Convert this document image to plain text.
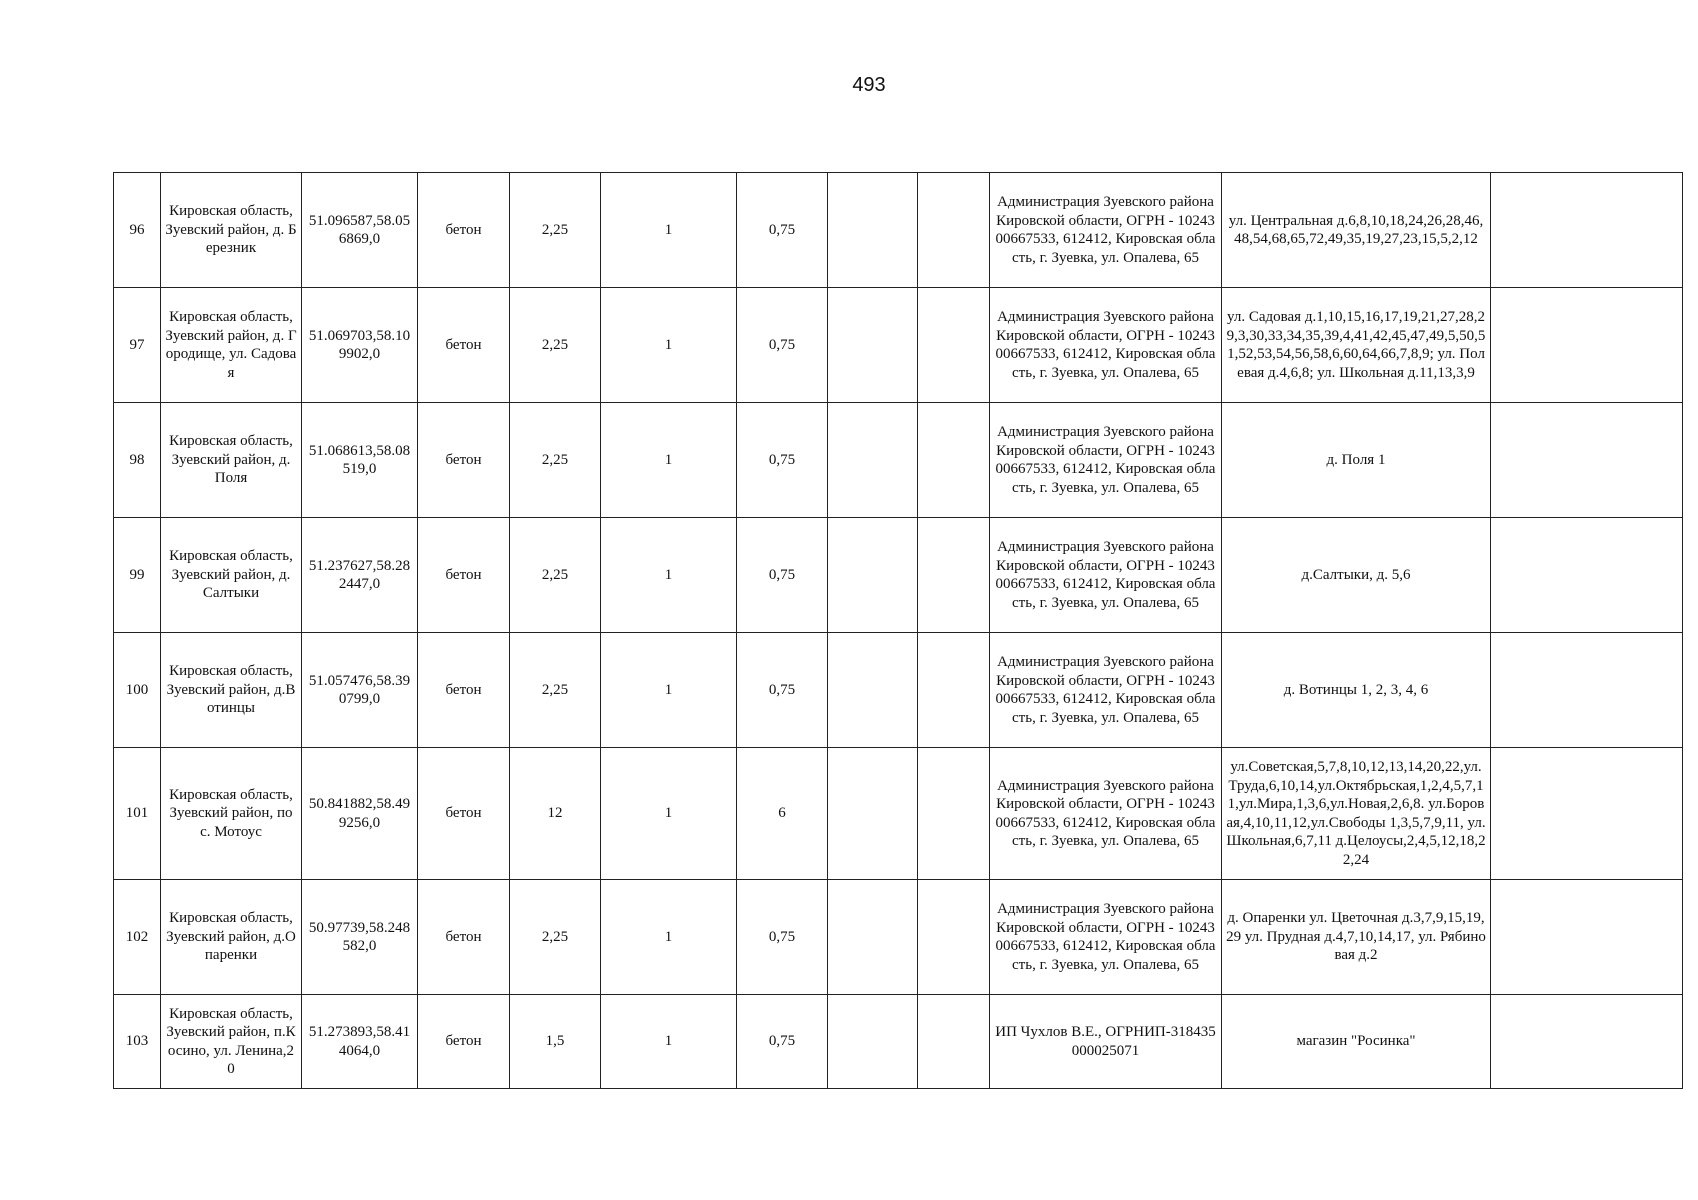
493
96	Кировская область, Зуевский район, д. Березник	51.096587,58.056869,0	бетон	2,25	1	0,75			Администрация Зуевского района Кировской области, ОГРН - 1024300667533, 612412, Кировская область, г. Зуевка, ул. Опалева, 65	ул. Центральная д.6,8,10,18,24,26,28,46,48,54,68,65,72,49,35,19,27,23,15,5,2,12	
97	Кировская область, Зуевский район, д. Городище, ул. Садовая	51.069703,58.109902,0	бетон	2,25	1	0,75			Администрация Зуевского района Кировской области, ОГРН - 1024300667533, 612412, Кировская область, г. Зуевка, ул. Опалева, 65	ул. Садовая д.1,10,15,16,17,19,21,27,28,29,3,30,33,34,35,39,4,41,42,45,47,49,5,50,51,52,53,54,56,58,6,60,64,66,7,8,9; ул. Полевая д.4,6,8; ул. Школьная д.11,13,3,9	
98	Кировская область, Зуевский район, д. Поля	51.068613,58.08519,0	бетон	2,25	1	0,75			Администрация Зуевского района Кировской области, ОГРН - 1024300667533, 612412, Кировская область, г. Зуевка, ул. Опалева, 65	д. Поля 1	
99	Кировская область, Зуевский район, д. Салтыки	51.237627,58.282447,0	бетон	2,25	1	0,75			Администрация Зуевского района Кировской области, ОГРН - 1024300667533, 612412, Кировская область, г. Зуевка, ул. Опалева, 65	д.Салтыки, д. 5,6	
100	Кировская область, Зуевский район, д.Вотинцы	51.057476,58.390799,0	бетон	2,25	1	0,75			Администрация Зуевского района Кировской области, ОГРН - 1024300667533, 612412, Кировская область, г. Зуевка, ул. Опалева, 65	д. Вотинцы 1, 2, 3, 4, 6	
101	Кировская область, Зуевский район, пос. Мотоус	50.841882,58.499256,0	бетон	12	1	6			Администрация Зуевского района Кировской области, ОГРН - 1024300667533, 612412, Кировская область, г. Зуевка, ул. Опалева, 65	ул.Советская,5,7,8,10,12,13,14,20,22,ул.Труда,6,10,14,ул.Октябрьская,1,2,4,5,7,11,ул.Мира,1,3,6,ул.Новая,2,6,8. ул.Боровая,4,10,11,12,ул.Свободы 1,3,5,7,9,11, ул.Школьная,6,7,11 д.Целоусы,2,4,5,12,18,22,24	
102	Кировская область, Зуевский район, д.Опаренки	50.97739,58.248582,0	бетон	2,25	1	0,75			Администрация Зуевского района Кировской области, ОГРН - 1024300667533, 612412, Кировская область, г. Зуевка, ул. Опалева, 65	д. Опаренки ул. Цветочная д.3,7,9,15,19,29 ул. Прудная д.4,7,10,14,17, ул. Рябиновая д.2	
103	Кировская область, Зуевский район, п.Косино, ул. Ленина,20	51.273893,58.414064,0	бетон	1,5	1	0,75			ИП Чухлов В.Е., ОГРНИП-318435000025071	магазин "Росинка"	
